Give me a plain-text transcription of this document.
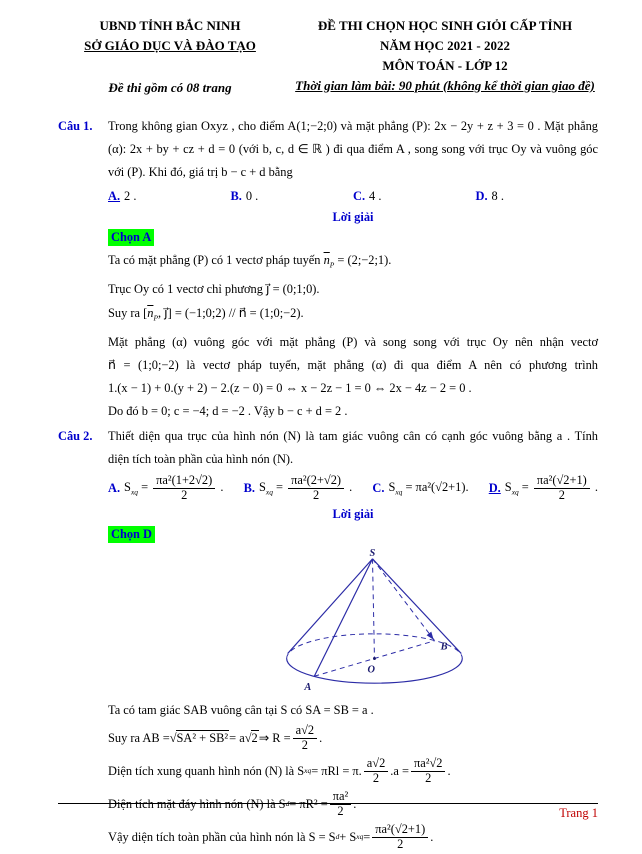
UBND TỈNH BẮC NINH
SỞ GIÁO DỤC VÀ ĐÀO TẠO
Đề thi gồm có 08 trang
ĐỀ THI CHỌN HỌC SINH GIỎI CẤP TỈNH
NĂM HỌC 2021 - 2022
MÔN TOÁN - LỚP 12
Thời gian làm bài: 90 phút (không kể thời gian giao đề)
Câu 1.	Trong không gian Oxyz , cho điểm A(1;−2;0) và mặt phẳng (P): 2x − 2y + z + 3 = 0 . Mặt phẳng
(α): 2x + by + cz + d = 0 (với b, c, d ∈ ℝ ) đi qua điểm A , song song với trục Oy và vuông góc
với (P). Khi đó, giá trị b − c + d bằng
A. 2 .	B. 0 .	C. 4 .	D. 8 .
Lời giải
Chọn A
Ta có mặt phẳng (P) có 1 vectơ pháp tuyến $\overline{n}_P$ = (2;−2;1).
Trục Oy có 1 vectơ chỉ phương j⃗ = (0;1;0).
Suy ra [$\overline{n}_P$, j⃗] = (−1;0;2) // n⃗ = (1;0;−2).
Mặt phẳng (α) vuông góc với mặt phẳng (P) và song song với trục Oy nên nhận vectơ
n⃗ = (1;0;−2) là vectơ pháp tuyến, mặt phẳng (α) đi qua điểm A nên có phương trình
1.(x − 1) + 0.(y + 2) − 2.(z − 0) = 0 ⇔ x − 2z − 1 = 0 ⇔ 2x − 4z − 2 = 0 .
Do đó b = 0; c = −4; d = −2 . Vậy b − c + d = 2 .
Câu 2.	Thiết diện qua trục của hình nón (N) là tam giác vuông cân có cạnh góc vuông bằng a . Tính
diện tích toàn phần của hình nón (N).
A. $S_{xq} = \frac{\text{πa²(1+2√2)}}{2}$ . B. $S_{xq} = \frac{\text{πa²(2+√2)}}{2}$ . C. $S_{xq} = \pi a^2(√2+1)$. D. $S_{xq} = \frac{\text{πa²(√2+1)}}{2}$ .
Lời giải
Chọn D
S
A
B
O
Ta có tam giác SAB vuông cân tại S có SA = SB = a .
Suy ra AB = √ SA² + SB² = a √ 2 ⇒ $R = \frac{a√2}{2}$ .
Diện tích xung quanh hình nón (N) là S xq = πRl = π. $\frac{a√2}{2} .a = \frac{\text{πa²√2}}{2}$ .
Diện tích mặt đáy hình nón (N) là S $d = \pi R^2 = \frac{\text{πa²}}{2}$ .
Vậy diện tích toàn phần của hình nón là S = S d + S xq = $\frac{\text{πa²(√2+1)}}{2}$ .
Trang 1
